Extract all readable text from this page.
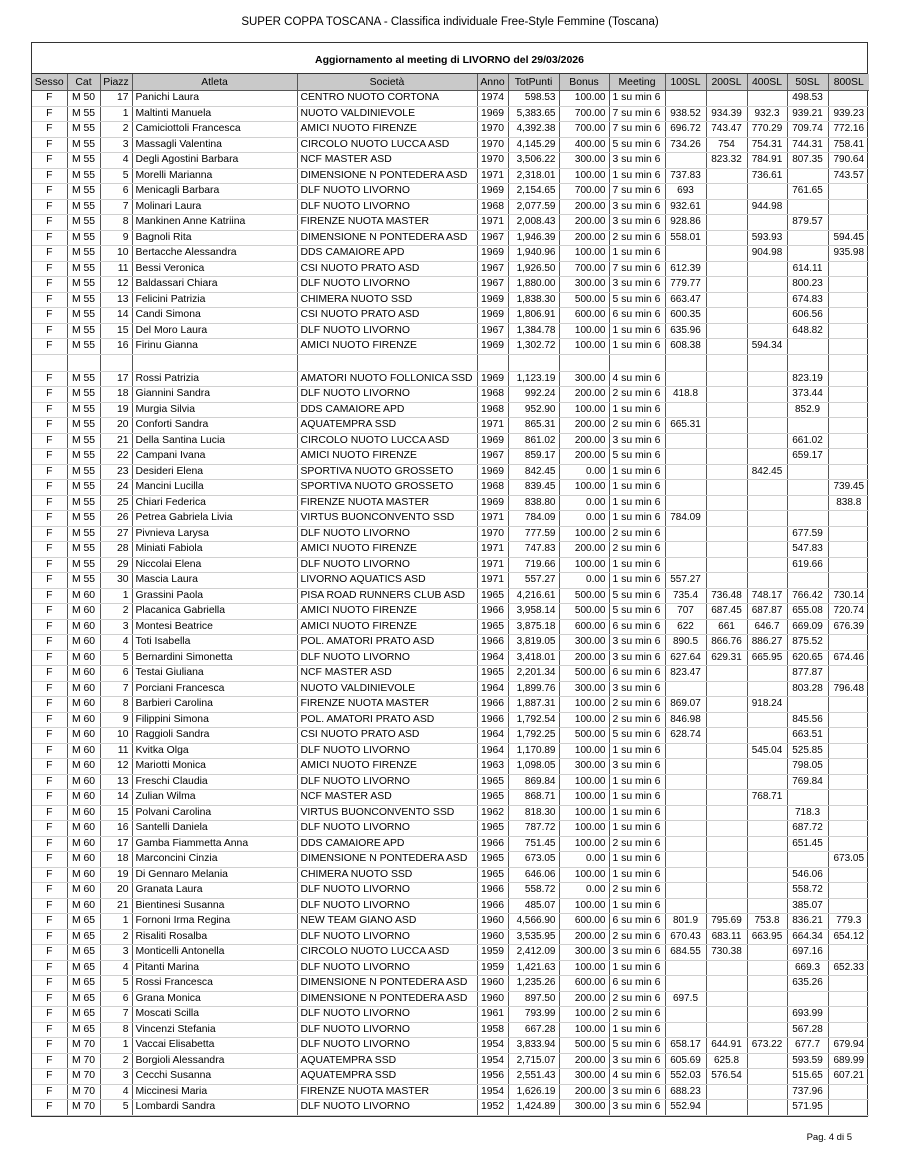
SUPER COPPA TOSCANA - Classifica individuale Free-Style Femmine (Toscana)
Aggiornamento al meeting di LIVORNO del 29/03/2026
Sesso	Cat	Piazz	Atleta	Società	Anno	TotPunti	Bonus	Meeting	100SL	200SL	400SL	50SL	800SL
F	M 50	17	Panichi Laura	CENTRO NUOTO CORTONA	1974	598.53	100.00	1 su min 6				498.53	
F	M 55	1	Maltinti Manuela	NUOTO VALDINIEVOLE	1969	5,383.65	700.00	7 su min 6	938.52	934.39	932.3	939.21	939.23
F	M 55	2	Camiciottoli Francesca	AMICI NUOTO FIRENZE	1970	4,392.38	700.00	7 su min 6	696.72	743.47	770.29	709.74	772.16
F	M 55	3	Massagli Valentina	CIRCOLO NUOTO LUCCA ASD	1970	4,145.29	400.00	5 su min 6	734.26	754	754.31	744.31	758.41
F	M 55	4	Degli Agostini Barbara	NCF MASTER ASD	1970	3,506.22	300.00	3 su min 6		823.32	784.91	807.35	790.64
F	M 55	5	Morelli Marianna	DIMENSIONE N PONTEDERA ASD	1971	2,318.01	100.00	1 su min 6	737.83		736.61		743.57
F	M 55	6	Menicagli Barbara	DLF NUOTO LIVORNO	1969	2,154.65	700.00	7 su min 6	693			761.65	
F	M 55	7	Molinari Laura	DLF NUOTO LIVORNO	1968	2,077.59	200.00	3 su min 6	932.61		944.98		
F	M 55	8	Mankinen Anne Katriina	FIRENZE NUOTA MASTER	1971	2,008.43	200.00	3 su min 6	928.86			879.57	
F	M 55	9	Bagnoli Rita	DIMENSIONE N PONTEDERA ASD	1967	1,946.39	200.00	2 su min 6	558.01		593.93		594.45
F	M 55	10	Bertacche Alessandra	DDS CAMAIORE APD	1969	1,940.96	100.00	1 su min 6			904.98		935.98
F	M 55	11	Bessi Veronica	CSI NUOTO PRATO ASD	1967	1,926.50	700.00	7 su min 6	612.39			614.11	
F	M 55	12	Baldassari Chiara	DLF NUOTO LIVORNO	1967	1,880.00	300.00	3 su min 6	779.77			800.23	
F	M 55	13	Felicini Patrizia	CHIMERA NUOTO SSD	1969	1,838.30	500.00	5 su min 6	663.47			674.83	
F	M 55	14	Candi Simona	CSI NUOTO PRATO ASD	1969	1,806.91	600.00	6 su min 6	600.35			606.56	
F	M 55	15	Del Moro Laura	DLF NUOTO LIVORNO	1967	1,384.78	100.00	1 su min 6	635.96			648.82	
F	M 55	16	Firinu Gianna	AMICI NUOTO FIRENZE	1969	1,302.72	100.00	1 su min 6	608.38		594.34		

F	M 55	17	Rossi Patrizia	AMATORI NUOTO FOLLONICA SSD	1969	1,123.19	300.00	4 su min 6				823.19	
F	M 55	18	Giannini Sandra	DLF NUOTO LIVORNO	1968	992.24	200.00	2 su min 6	418.8			373.44	
F	M 55	19	Murgia Silvia	DDS CAMAIORE APD	1968	952.90	100.00	1 su min 6				852.9	
F	M 55	20	Conforti Sandra	AQUATEMPRA SSD	1971	865.31	200.00	2 su min 6	665.31				
F	M 55	21	Della Santina Lucia	CIRCOLO NUOTO LUCCA ASD	1969	861.02	200.00	3 su min 6				661.02	
F	M 55	22	Campani Ivana	AMICI NUOTO FIRENZE	1967	859.17	200.00	5 su min 6				659.17	
F	M 55	23	Desideri Elena	SPORTIVA NUOTO GROSSETO	1969	842.45	0.00	1 su min 6			842.45		
F	M 55	24	Mancini Lucilla	SPORTIVA NUOTO GROSSETO	1968	839.45	100.00	1 su min 6					739.45
F	M 55	25	Chiari Federica	FIRENZE NUOTA MASTER	1969	838.80	0.00	1 su min 6					838.8
F	M 55	26	Petrea Gabriela Livia	VIRTUS BUONCONVENTO SSD	1971	784.09	0.00	1 su min 6	784.09				
F	M 55	27	Pivnieva Larysa	DLF NUOTO LIVORNO	1970	777.59	100.00	2 su min 6				677.59	
F	M 55	28	Miniati Fabiola	AMICI NUOTO FIRENZE	1971	747.83	200.00	2 su min 6				547.83	
F	M 55	29	Niccolai Elena	DLF NUOTO LIVORNO	1971	719.66	100.00	1 su min 6				619.66	
F	M 55	30	Mascia Laura	LIVORNO AQUATICS ASD	1971	557.27	0.00	1 su min 6	557.27				
F	M 60	1	Grassini Paola	PISA ROAD RUNNERS CLUB ASD	1965	4,216.61	500.00	5 su min 6	735.4	736.48	748.17	766.42	730.14
F	M 60	2	Placanica Gabriella	AMICI NUOTO FIRENZE	1966	3,958.14	500.00	5 su min 6	707	687.45	687.87	655.08	720.74
F	M 60	3	Montesi Beatrice	AMICI NUOTO FIRENZE	1965	3,875.18	600.00	6 su min 6	622	661	646.7	669.09	676.39
F	M 60	4	Toti Isabella	POL. AMATORI PRATO ASD	1966	3,819.05	300.00	3 su min 6	890.5	866.76	886.27	875.52	
F	M 60	5	Bernardini Simonetta	DLF NUOTO LIVORNO	1964	3,418.01	200.00	3 su min 6	627.64	629.31	665.95	620.65	674.46
F	M 60	6	Testai Giuliana	NCF MASTER ASD	1965	2,201.34	500.00	6 su min 6	823.47			877.87	
F	M 60	7	Porciani Francesca	NUOTO VALDINIEVOLE	1964	1,899.76	300.00	3 su min 6				803.28	796.48
F	M 60	8	Barbieri Carolina	FIRENZE NUOTA MASTER	1966	1,887.31	100.00	2 su min 6	869.07		918.24		
F	M 60	9	Filippini Simona	POL. AMATORI PRATO ASD	1966	1,792.54	100.00	2 su min 6	846.98			845.56	
F	M 60	10	Raggioli Sandra	CSI NUOTO PRATO ASD	1964	1,792.25	500.00	5 su min 6	628.74			663.51	
F	M 60	11	Kvitka Olga	DLF NUOTO LIVORNO	1964	1,170.89	100.00	1 su min 6			545.04	525.85	
F	M 60	12	Mariotti Monica	AMICI NUOTO FIRENZE	1963	1,098.05	300.00	3 su min 6				798.05	
F	M 60	13	Freschi Claudia	DLF NUOTO LIVORNO	1965	869.84	100.00	1 su min 6				769.84	
F	M 60	14	Zulian Wilma	NCF MASTER ASD	1965	868.71	100.00	1 su min 6			768.71		
F	M 60	15	Polvani Carolina	VIRTUS BUONCONVENTO SSD	1962	818.30	100.00	1 su min 6				718.3	
F	M 60	16	Santelli Daniela	DLF NUOTO LIVORNO	1965	787.72	100.00	1 su min 6				687.72	
F	M 60	17	Gamba Fiammetta Anna	DDS CAMAIORE APD	1966	751.45	100.00	2 su min 6				651.45	
F	M 60	18	Marconcini Cinzia	DIMENSIONE N PONTEDERA ASD	1965	673.05	0.00	1 su min 6					673.05
F	M 60	19	Di Gennaro Melania	CHIMERA NUOTO SSD	1965	646.06	100.00	1 su min 6				546.06	
F	M 60	20	Granata Laura	DLF NUOTO LIVORNO	1966	558.72	0.00	2 su min 6				558.72	
F	M 60	21	Bientinesi Susanna	DLF NUOTO LIVORNO	1966	485.07	100.00	1 su min 6				385.07	
F	M 65	1	Fornoni Irma Regina	NEW TEAM GIANO ASD	1960	4,566.90	600.00	6 su min 6	801.9	795.69	753.8	836.21	779.3
F	M 65	2	Risaliti Rosalba	DLF NUOTO LIVORNO	1960	3,535.95	200.00	2 su min 6	670.43	683.11	663.95	664.34	654.12
F	M 65	3	Monticelli Antonella	CIRCOLO NUOTO LUCCA ASD	1959	2,412.09	300.00	3 su min 6	684.55	730.38		697.16	
F	M 65	4	Pitanti Marina	DLF NUOTO LIVORNO	1959	1,421.63	100.00	1 su min 6				669.3	652.33
F	M 65	5	Rossi Francesca	DIMENSIONE N PONTEDERA ASD	1960	1,235.26	600.00	6 su min 6				635.26	
F	M 65	6	Grana Monica	DIMENSIONE N PONTEDERA ASD	1960	897.50	200.00	2 su min 6	697.5				
F	M 65	7	Moscati Scilla	DLF NUOTO LIVORNO	1961	793.99	100.00	2 su min 6				693.99	
F	M 65	8	Vincenzi Stefania	DLF NUOTO LIVORNO	1958	667.28	100.00	1 su min 6				567.28	
F	M 70	1	Vaccai Elisabetta	DLF NUOTO LIVORNO	1954	3,833.94	500.00	5 su min 6	658.17	644.91	673.22	677.7	679.94
F	M 70	2	Borgioli Alessandra	AQUATEMPRA SSD	1954	2,715.07	200.00	3 su min 6	605.69	625.8		593.59	689.99
F	M 70	3	Cecchi Susanna	AQUATEMPRA SSD	1956	2,551.43	300.00	4 su min 6	552.03	576.54		515.65	607.21
F	M 70	4	Miccinesi Maria	FIRENZE NUOTA MASTER	1954	1,626.19	200.00	3 su min 6	688.23			737.96	
F	M 70	5	Lombardi Sandra	DLF NUOTO LIVORNO	1952	1,424.89	300.00	3 su min 6	552.94			571.95	
Pag. 4 di 5
